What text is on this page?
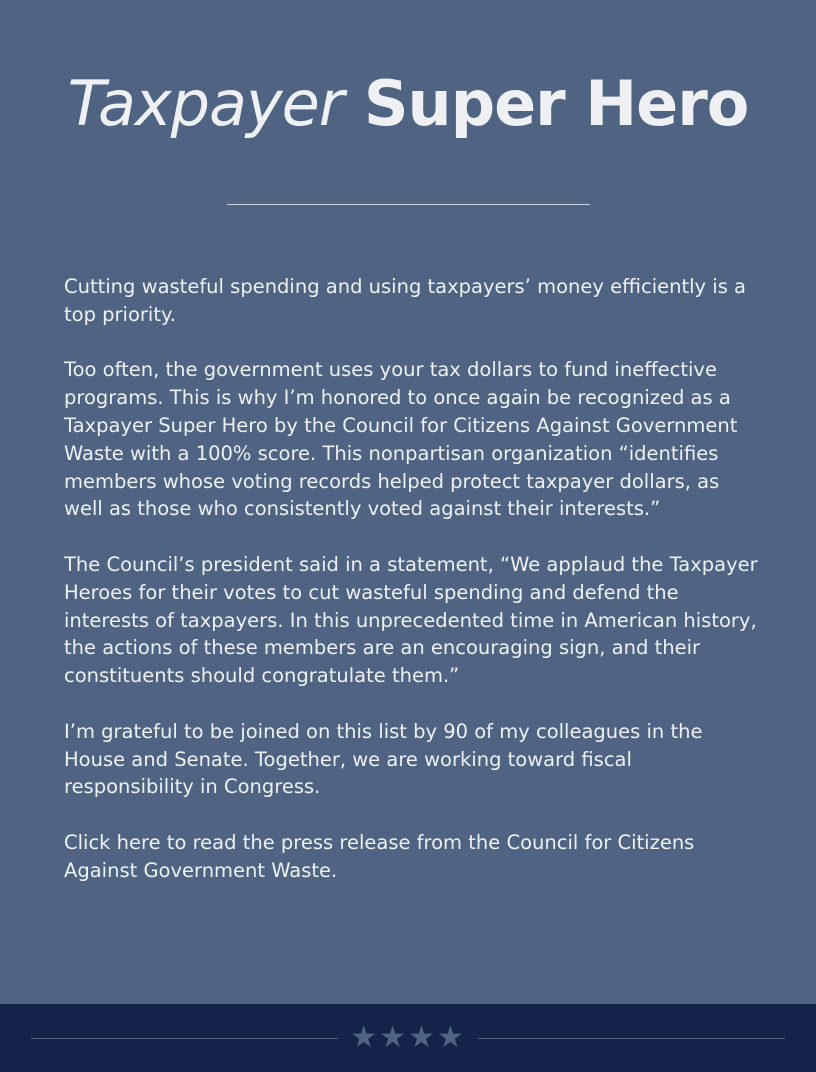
Taxpayer Super Hero

Cutting wasteful spending and using taxpayers’ money efficiently is a top priority.

Too often, the government uses your tax dollars to fund ineffective programs. This is why I’m honored to once again be recognized as a Taxpayer Super Hero by the Council for Citizens Against Government Waste with a 100% score. This nonpartisan organization “identifies members whose voting records helped protect taxpayer dollars, as well as those who consistently voted against their interests.”

The Council’s president said in a statement, “We applaud the Taxpayer Heroes for their votes to cut wasteful spending and defend the interests of taxpayers. In this unprecedented time in American history, the actions of these members are an encouraging sign, and their constituents should congratulate them.”

I’m grateful to be joined on this list by 90 of my colleagues in the House and Senate. Together, we are working toward fiscal responsibility in Congress.

Click here to read the press release from the Council for Citizens Against Government Waste.

★★★★
